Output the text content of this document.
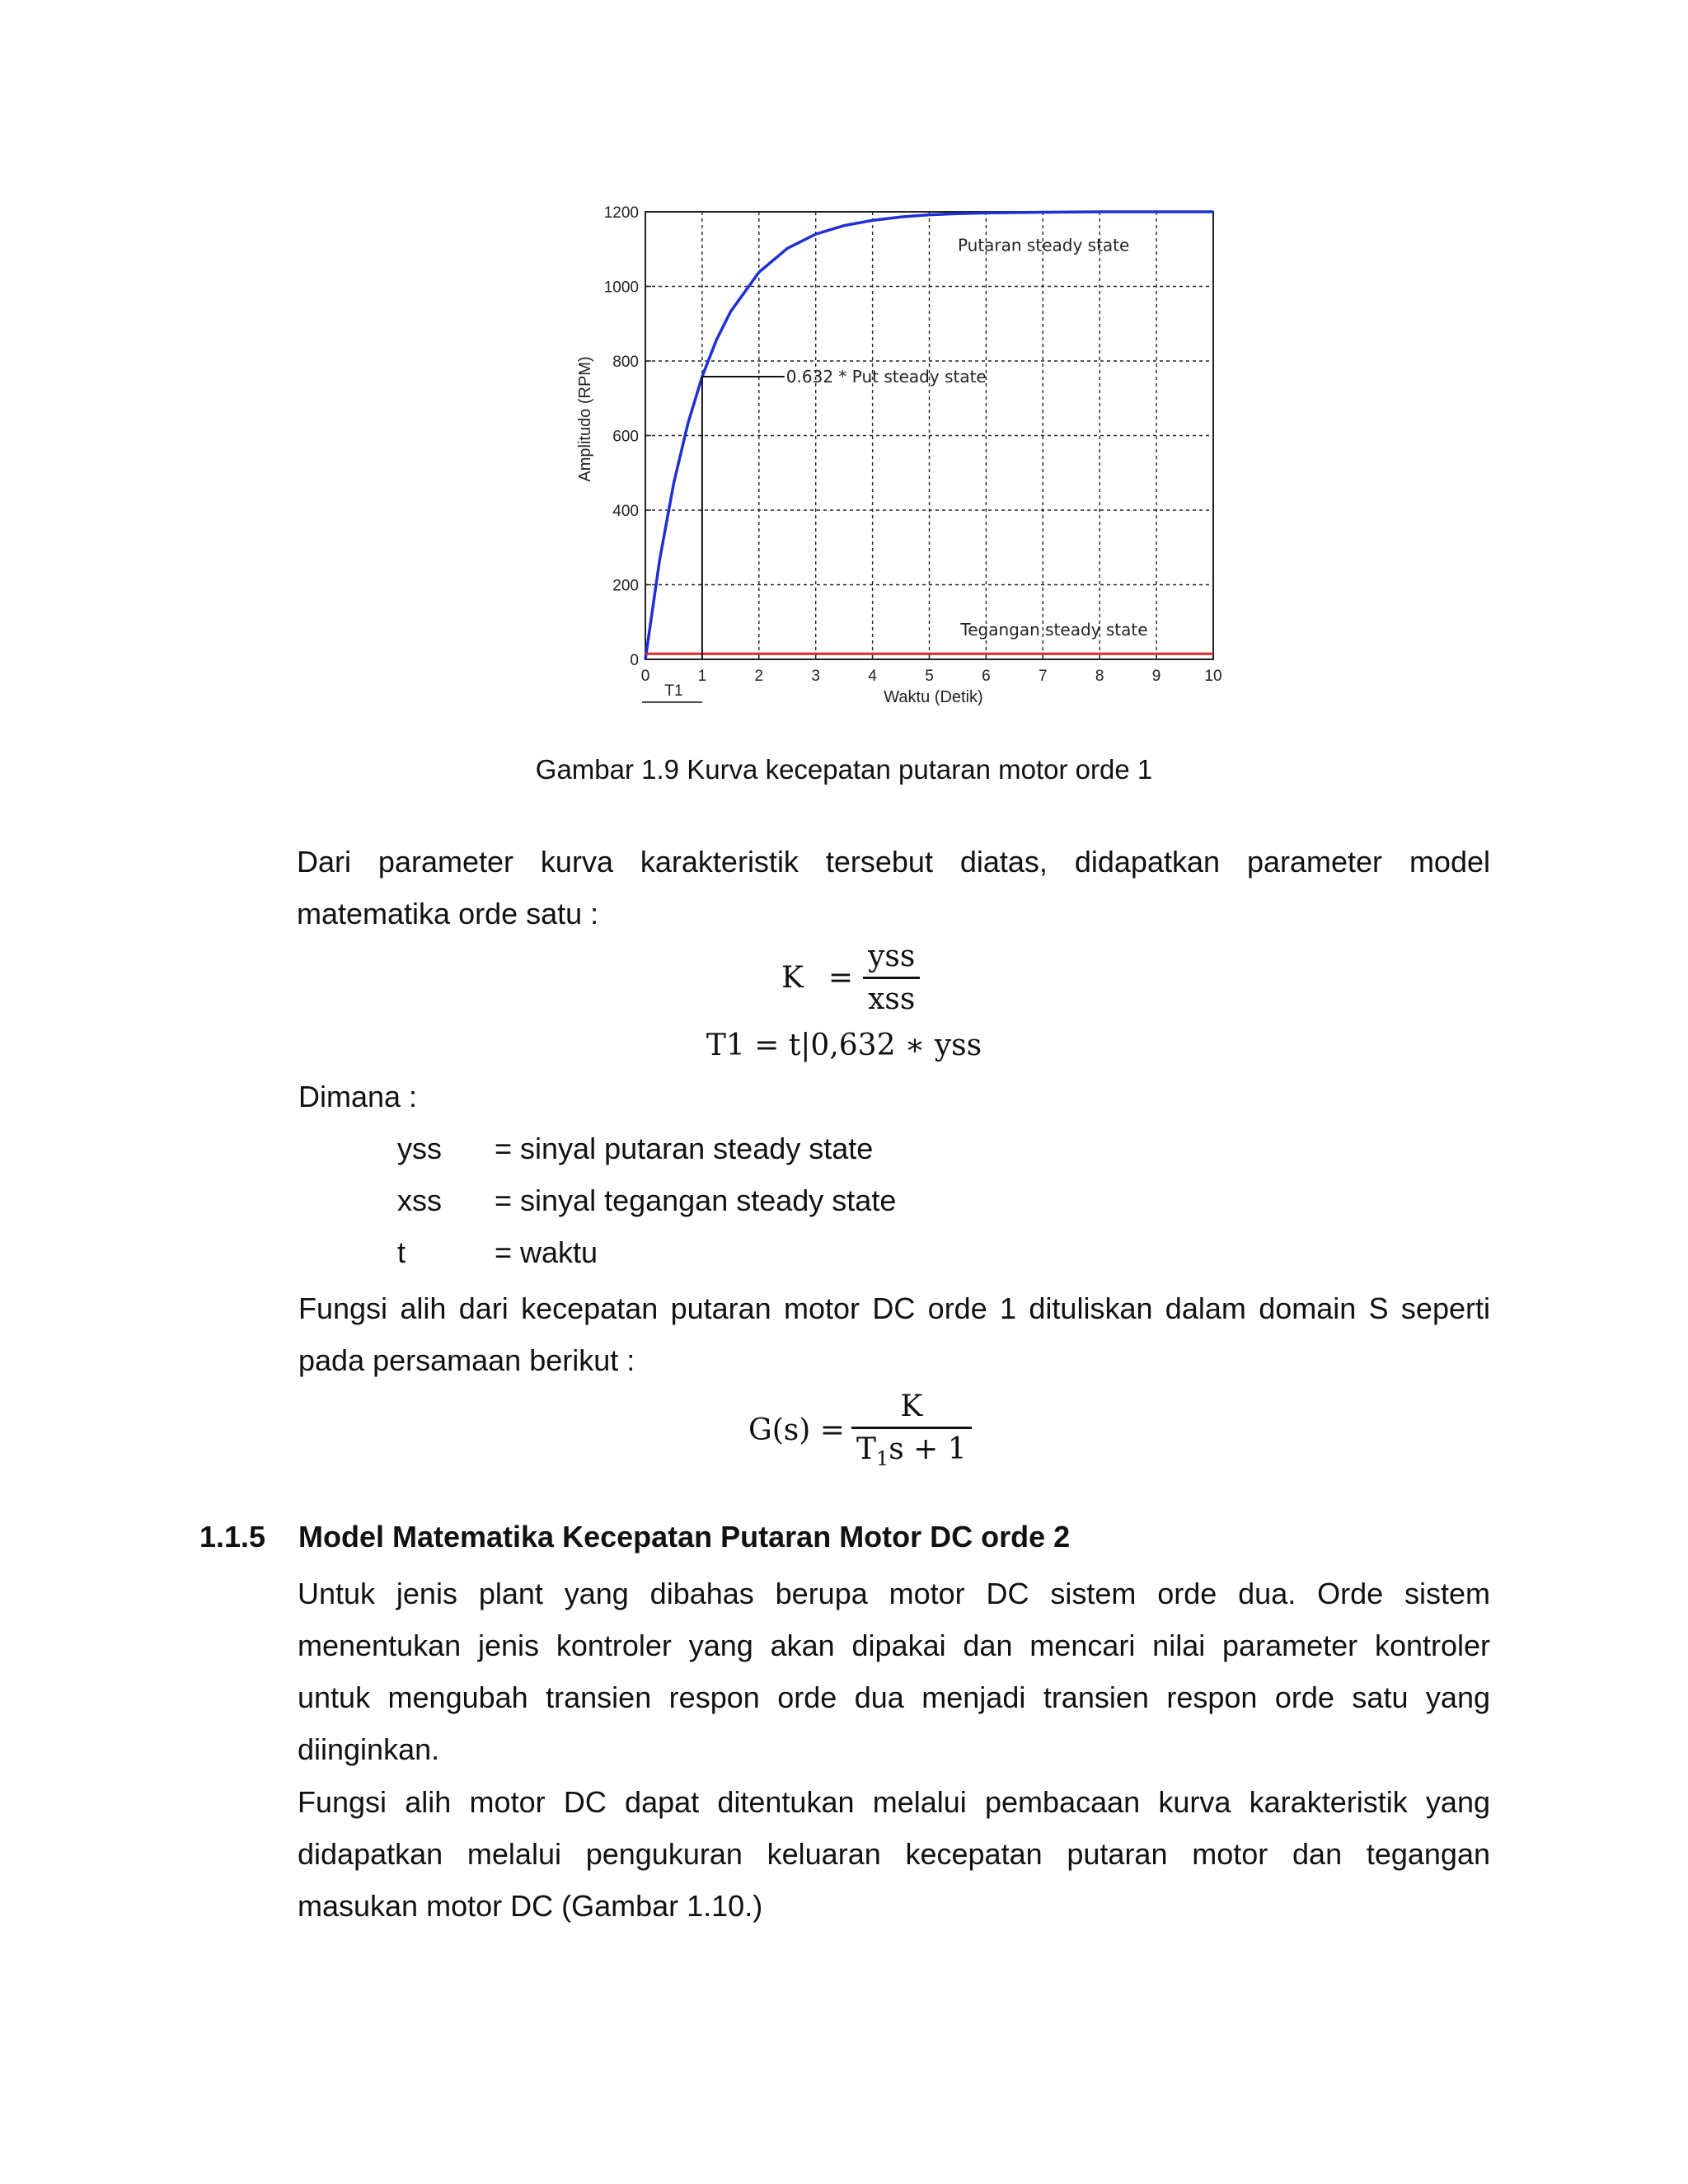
0	1	2	3	4	5	6	7	8	9	10
0
200
400
600
800
1000
1200
Waktu (Detik)
Amplitudo (RPM)	0.632 * Put steady state
Putaran steady state
Tegangan steady state
T1
Gambar 1.9 Kurva kecepatan putaran motor orde 1
Dari parameter kurva karakteristik tersebut diatas, didapatkan parameter model
matematika orde satu :
$K = \frac{\text{yss}}{\text{xss}}$
T1 = t|0,632 ∗ yss
Dimana :
yss = sinyal putaran steady state
xss = sinyal tegangan steady state
t	= waktu
Fungsi alih dari kecepatan putaran motor DC orde 1 dituliskan dalam domain S seperti
pada persamaan berikut :
$G(s) = \frac{K}{T_1s + 1}$
1.1.5 Model Matematika Kecepatan Putaran Motor DC orde 2
Untuk jenis plant yang dibahas berupa motor DC sistem orde dua. Orde sistem
menentukan jenis kontroler yang akan dipakai dan mencari nilai parameter kontroler
untuk mengubah transien respon orde dua menjadi transien respon orde satu yang
diinginkan.
Fungsi alih motor DC dapat ditentukan melalui pembacaan kurva karakteristik yang
didapatkan melalui pengukuran keluaran kecepatan putaran motor dan tegangan
masukan motor DC (Gambar 1.10.)
